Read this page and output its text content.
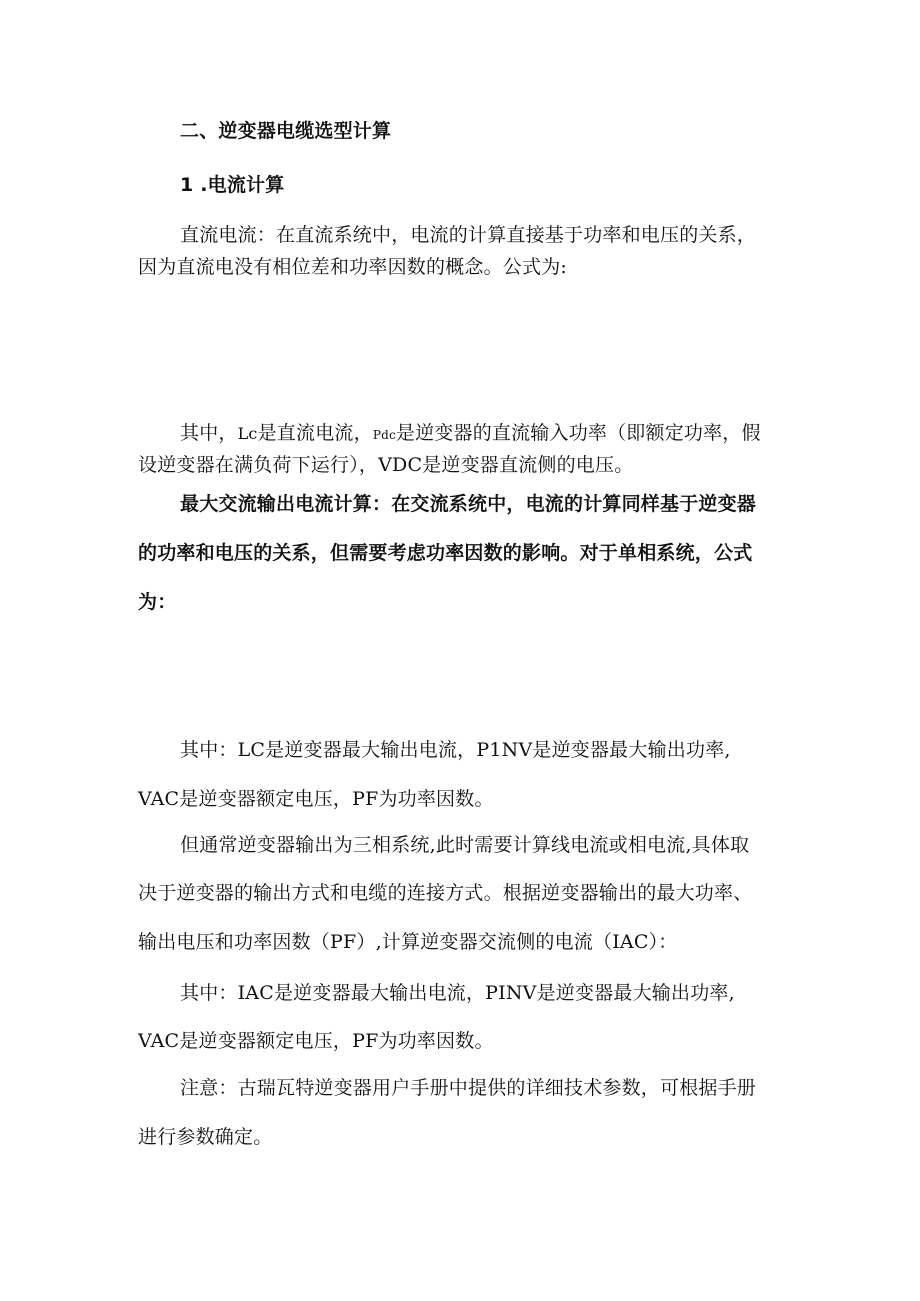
二、逆变器电缆选型计算
1 .电流计算
直流电流：在直流系统中，电流的计算直接基于功率和电压的关系，
因为直流电没有相位差和功率因数的概念。公式为:
其中，Lc是直流电流，Pdc是逆变器的直流输入功率（即额定功率，假
设逆变器在满负荷下运行），VDC是逆变器直流侧的电压。
最大交流输出电流计算：在交流系统中，电流的计算同样基于逆变器
的功率和电压的关系，但需要考虑功率因数的影响。对于单相系统，公式
为：
其中：LC是逆变器最大输出电流，P1NV是逆变器最大输出功率,
VAC是逆变器额定电压，PF为功率因数。
但通常逆变器输出为三相系统,此时需要计算线电流或相电流,具体取
决于逆变器的输出方式和电缆的连接方式。根据逆变器输出的最大功率、
输出电压和功率因数（PF）,计算逆变器交流侧的电流（IAC）：
其中：IAC是逆变器最大输出电流，PINV是逆变器最大输出功率,
VAC是逆变器额定电压，PF为功率因数。
注意：古瑞瓦特逆变器用户手册中提供的详细技术参数，可根据手册
进行参数确定。
